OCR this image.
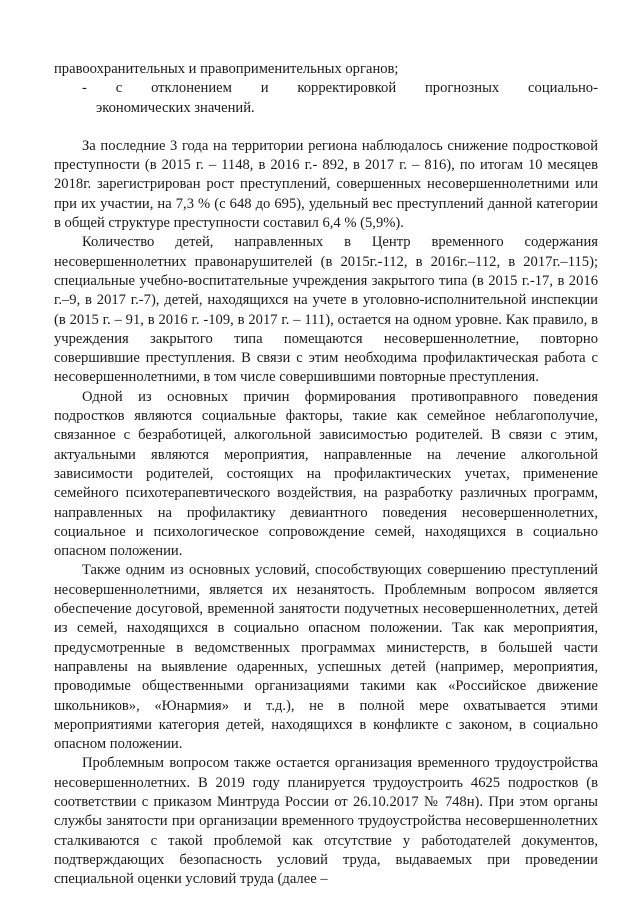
правоохранительных и правоприменительных органов;

- с отклонением и корректировкой прогнозных социально-

экономических значений.

За последние 3 года на территории региона наблюдалось снижение подростковой преступности (в 2015 г. – 1148, в 2016 г.- 892, в 2017 г. – 816), по итогам 10 месяцев 2018г. зарегистрирован рост преступлений, совершенных несовершеннолетними или при их участии, на 7,3 % (с 648 до 695), удельный вес преступлений данной категории в общей структуре преступности составил 6,4 % (5,9%).

Количество детей, направленных в Центр временного содержания несовершеннолетних правонарушителей (в 2015г.-112, в 2016г.–112, в 2017г.–115); специальные учебно-воспитательные учреждения закрытого типа (в 2015 г.-17, в 2016 г.–9, в 2017 г.-7), детей, находящихся на учете в уголовно-исполнительной инспекции (в 2015 г. – 91, в 2016 г. -109, в 2017 г. – 111), остается на одном уровне. Как правило, в учреждения закрытого типа помещаются несовершеннолетние, повторно совершившие преступления. В связи с этим необходима профилактическая работа с несовершеннолетними, в том числе совершившими повторные преступления.

Одной из основных причин формирования противоправного поведения подростков являются социальные факторы, такие как семейное неблагополучие, связанное с безработицей, алкогольной зависимостью родителей. В связи с этим, актуальными являются мероприятия, направленные на лечение алкогольной зависимости родителей, состоящих на профилактических учетах, применение семейного психотерапевтического воздействия, на разработку различных программ, направленных на профилактику девиантного поведения несовершеннолетних, социальное и психологическое сопровождение семей, находящихся в социально опасном положении.

Также одним из основных условий, способствующих совершению преступлений несовершеннолетними, является их незанятость. Проблемным вопросом является обеспечение досуговой, временной занятости подучетных несовершеннолетних, детей из семей, находящихся в социально опасном положении. Так как мероприятия, предусмотренные в ведомственных программах министерств, в большей части направлены на выявление одаренных, успешных детей (например, мероприятия, проводимые общественными организациями такими как «Российское движение школьников», «Юнармия» и т.д.), не в полной мере охватывается этими мероприятиями категория детей, находящихся в конфликте с законом, в социально опасном положении.

Проблемным вопросом также остается организация временного трудоустройства несовершеннолетних. В 2019 году планируется трудоустроить 4625 подростков (в соответствии с приказом Минтруда России от 26.10.2017 № 748н). При этом органы службы занятости при организации временного трудоустройства несовершеннолетних сталкиваются с такой проблемой как отсутствие у работодателей документов, подтверждающих безопасность условий труда, выдаваемых при проведении специальной оценки условий труда (далее –
